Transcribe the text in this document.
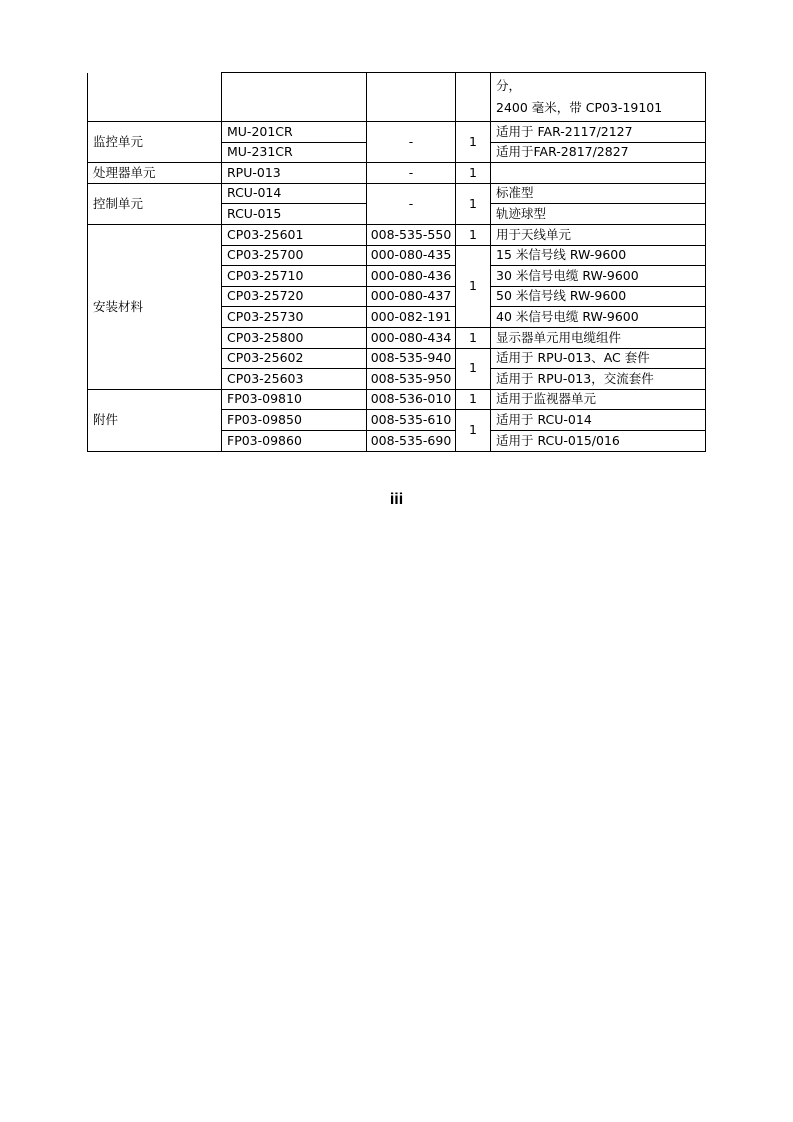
				分，
2400 毫米，带 CP03-19101

监控单元	MU-201CR	-	1	适用于 FAR-2117/2127
	MU-231CR			适用于FAR-2817/2827
处理器单元	RPU-013	-	1	
控制单元	RCU-014	-	1	标准型
	RCU-015			轨迹球型
安装材料	CP03-25601	008-535-550	1	用于天线单元
	CP03-25700	000-080-435	1	15 米信号线 RW-9600
	CP03-25710	000-080-436		30 米信号电缆 RW-9600
	CP03-25720	000-080-437		50 米信号线 RW-9600
	CP03-25730	000-082-191		40 米信号电缆 RW-9600
	CP03-25800	000-080-434	1	显示器单元用电缆组件
	CP03-25602	008-535-940	1	适用于 RPU-013、AC 套件
	CP03-25603	008-535-950		适用于 RPU-013，交流套件
附件	FP03-09810	008-536-010	1	适用于监视器单元
	FP03-09850	008-535-610	1	适用于 RCU-014
	FP03-09860	008-535-690		适用于 RCU-015/016
iii
